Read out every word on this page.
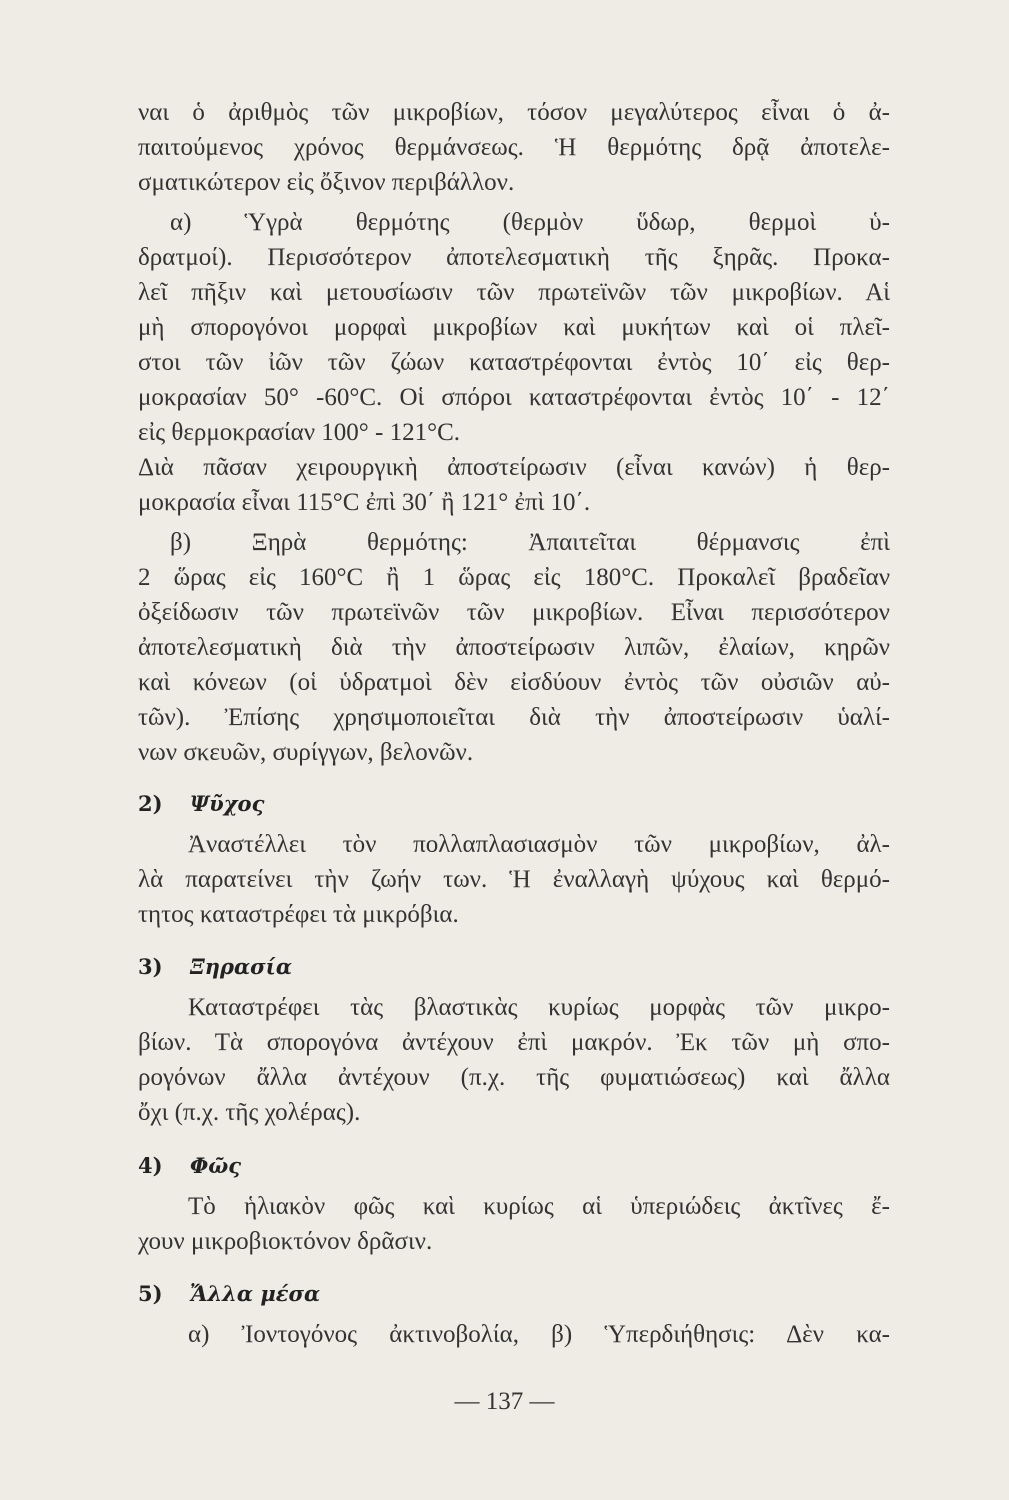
ναι ὁ ἀριθμὸς τῶν μικροβίων, τόσον μεγαλύτερος εἶναι ὁ ἀ-
παιτούμενος χρόνος θερμάνσεως. Ἡ θερμότης δρᾷ ἀποτελε-
σματικώτερον εἰς ὄξινον περιβάλλον.
α) Ὑγρὰ θερμότης (θερμὸν ὕδωρ, θερμοὶ ὑ-
δρατμοί). Περισσότερον ἀποτελεσματικὴ τῆς ξηρᾶς. Προκα-
λεῖ πῆξιν καὶ μετουσίωσιν τῶν πρωτεϊνῶν τῶν μικροβίων. Αἱ
μὴ σπορογόνοι μορφαὶ μικροβίων καὶ μυκήτων καὶ οἱ πλεῖ-
στοι τῶν ἰῶν τῶν ζώων καταστρέφονται ἐντὸς 10΄ εἰς θερ-
μοκρασίαν 50° -60°C. Οἱ σπόροι καταστρέφονται ἐντὸς 10΄ - 12΄
εἰς θερμοκρασίαν 100° - 121°C.
Διὰ πᾶσαν χειρουργικὴ ἀποστείρωσιν (εἶναι κανών) ἡ θερ-
μοκρασία εἶναι 115°C ἐπὶ 30΄ ἢ 121° ἐπὶ 10΄.
β) Ξηρὰ θερμότης: Ἀπαιτεῖται θέρμανσις ἐπὶ
2 ὥρας εἰς 160°C ἢ 1 ὥρας εἰς 180°C. Προκαλεῖ βραδεῖαν
ὀξείδωσιν τῶν πρωτεϊνῶν τῶν μικροβίων. Εἶναι περισσότερον
ἀποτελεσματικὴ διὰ τὴν ἀποστείρωσιν λιπῶν, ἐλαίων, κηρῶν
καὶ κόνεων (οἱ ὑδρατμοὶ δὲν εἰσδύουν ἐντὸς τῶν οὐσιῶν αὐ-
τῶν). Ἐπίσης χρησιμοποιεῖται διὰ τὴν ἀποστείρωσιν ὑαλί-
νων σκευῶν, συρίγγων, βελονῶν.
2) Ψῦχος
Ἀναστέλλει τὸν πολλαπλασιασμὸν τῶν μικροβίων, ἀλ-
λὰ παρατείνει τὴν ζωήν των. Ἡ ἐναλλαγὴ ψύχους καὶ θερμό-
τητος καταστρέφει τὰ μικρόβια.
3) Ξηρασία
Καταστρέφει τὰς βλαστικὰς κυρίως μορφὰς τῶν μικρο-
βίων. Τὰ σπορογόνα ἀντέχουν ἐπὶ μακρόν. Ἐκ τῶν μὴ σπο-
ρογόνων ἄλλα ἀντέχουν (π.χ. τῆς φυματιώσεως) καὶ ἄλλα
ὄχι (π.χ. τῆς χολέρας).
4) Φῶς
Τὸ ἡλιακὸν φῶς καὶ κυρίως αἱ ὑπεριώδεις ἀκτῖνες ἔ-
χουν μικροβιοκτόνον δρᾶσιν.
5) Ἄλλα μέσα
α) Ἰοντογόνος ἀκτινοβολία, β) Ὑπερδιήθησις: Δὲν κα-
— 137 —
